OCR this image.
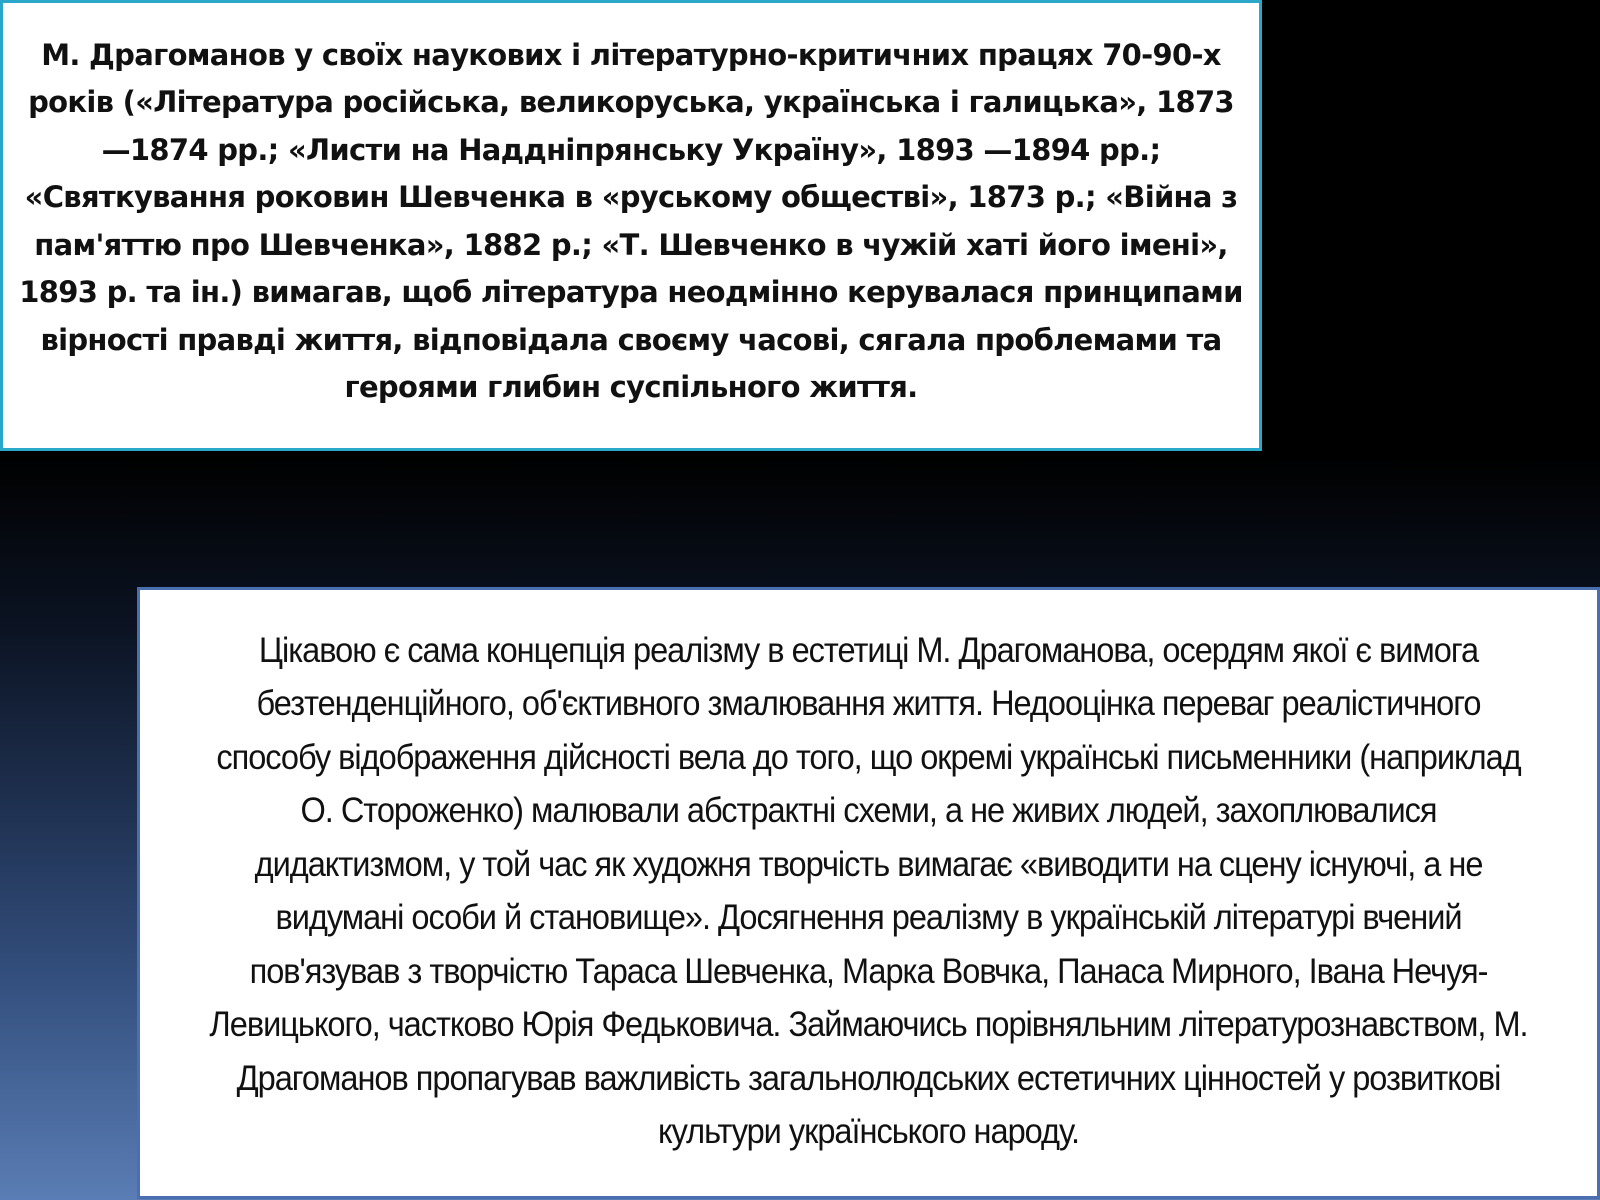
М. Драгоманов у своїх наукових і літературно-критичних працях 70-90-х років («Література російська, великоруська, українська і галицька», 1873—1874 рр.; «Листи на Наддніпрянську Україну», 1893 —1894 рр.; «Святкування роковин Шевченка в «руському обществі», 1873 р.; «Війна з пам'яттю про Шевченка», 1882 р.; «Т. Шевченко в чужій хаті його імені», 1893 р. та ін.) вимагав, щоб література неодмінно керувалася принципами вірності правді життя, відповідала своєму часові, сягала проблемами та героями глибин суспільного життя.

Цікавою є сама концепція реалізму в естетиці М. Драгоманова, осердям якої є вимога безтенденційного, об'єктивного змалювання життя. Недооцінка переваг реалістичного способу відображення дійсності вела до того, що окремі українські письменники (наприклад О. Стороженко) малювали абстрактні схеми, а не живих людей, захоплювалися дидактизмом, у той час як художня творчість вимагає «виводити на сцену існуючі, а не видумані особи й становище». Досягнення реалізму в українській літературі вчений пов'язував з творчістю Тараса Шевченка, Марка Вовчка, Панаса Мирного, Івана Нечуя-Левицького, частково Юрія Федьковича. Займаючись порівняльним літературознавством, М. Драгоманов пропагував важливість загальнолюдських естетичних цінностей у розвиткові культури українського народу.
